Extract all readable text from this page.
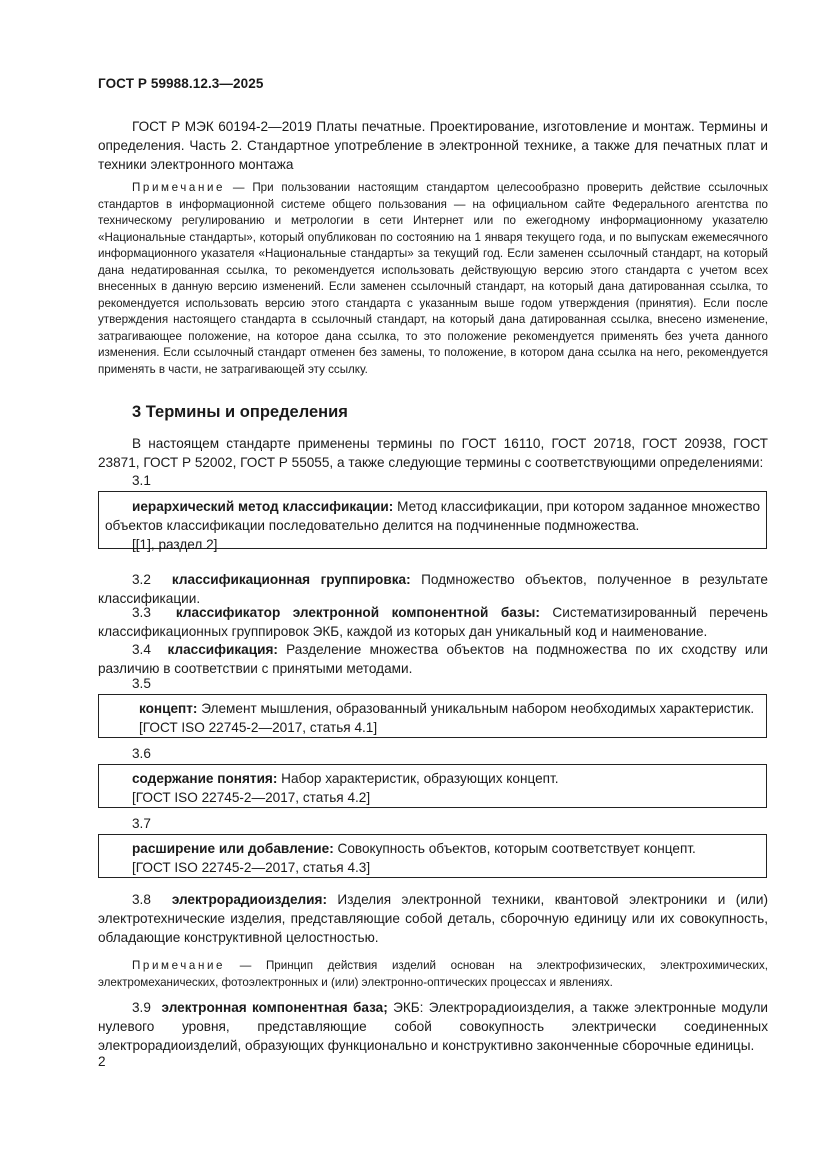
ГОСТ Р 59988.12.3—2025
ГОСТ Р МЭК 60194-2—2019 Платы печатные. Проектирование, изготовление и монтаж. Термины и определения. Часть 2. Стандартное употребление в электронной технике, а также для печатных плат и техники электронного монтажа
Примечание — При пользовании настоящим стандартом целесообразно проверить действие ссылочных стандартов в информационной системе общего пользования — на официальном сайте Федерального агентства по техническому регулированию и метрологии в сети Интернет или по ежегодному информационному указателю «Национальные стандарты», который опубликован по состоянию на 1 января текущего года, и по выпускам ежемесячного информационного указателя «Национальные стандарты» за текущий год. Если заменен ссылочный стандарт, на который дана недатированная ссылка, то рекомендуется использовать действующую версию этого стандарта с учетом всех внесенных в данную версию изменений. Если заменен ссылочный стандарт, на который дана датированная ссылка, то рекомендуется использовать версию этого стандарта с указанным выше годом утверждения (принятия). Если после утверждения настоящего стандарта в ссылочный стандарт, на который дана датированная ссылка, внесено изменение, затрагивающее положение, на которое дана ссылка, то это положение рекомендуется применять без учета данного изменения. Если ссылочный стандарт отменен без замены, то положение, в котором дана ссылка на него, рекомендуется применять в части, не затрагивающей эту ссылку.
3 Термины и определения
В настоящем стандарте применены термины по ГОСТ 16110, ГОСТ 20718, ГОСТ 20938, ГОСТ 23871, ГОСТ Р 52002, ГОСТ Р 55055, а также следующие термины с соответствующими определениями:
3.1
иерархический метод классификации: Метод классификации, при котором заданное множество объектов классификации последовательно делится на подчиненные подмножества.
[[1], раздел 2]
3.2 классификационная группировка: Подмножество объектов, полученное в результате классификации.
3.3 классификатор электронной компонентной базы: Систематизированный перечень классификационных группировок ЭКБ, каждой из которых дан уникальный код и наименование.
3.4 классификация: Разделение множества объектов на подмножества по их сходству или различию в соответствии с принятыми методами.
3.5
концепт: Элемент мышления, образованный уникальным набором необходимых характеристик.
[ГОСТ ISO 22745-2—2017, статья 4.1]
3.6
содержание понятия: Набор характеристик, образующих концепт.
[ГОСТ ISO 22745-2—2017, статья 4.2]
3.7
расширение или добавление: Совокупность объектов, которым соответствует концепт.
[ГОСТ ISO 22745-2—2017, статья 4.3]
3.8 электрорадиоизделия: Изделия электронной техники, квантовой электроники и (или) электротехнические изделия, представляющие собой деталь, сборочную единицу или их совокупность, обладающие конструктивной целостностью.
Примечание — Принцип действия изделий основан на электрофизических, электрохимических, электромеханических, фотоэлектронных и (или) электронно-оптических процессах и явлениях.
3.9 электронная компонентная база; ЭКБ: Электрорадиоизделия, а также электронные модули нулевого уровня, представляющие собой совокупность электрически соединенных электрорадиоизделий, образующих функционально и конструктивно законченные сборочные единицы.
2
